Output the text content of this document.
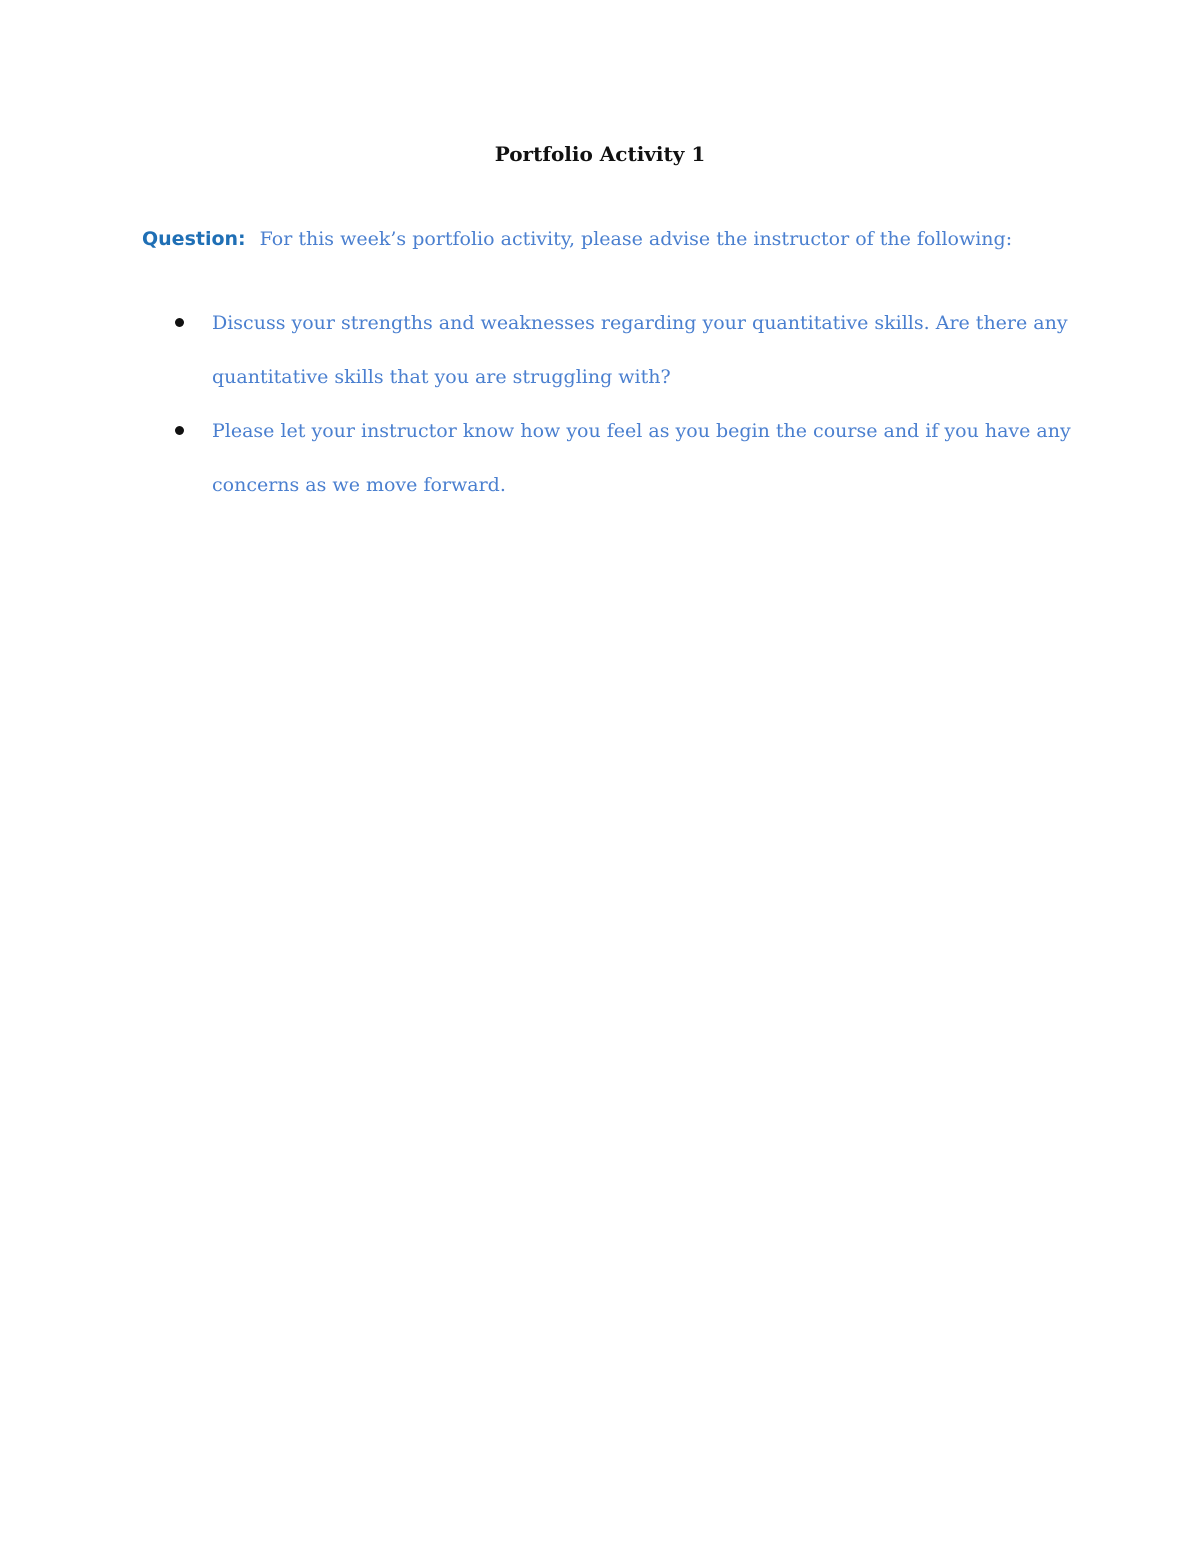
Portfolio Activity 1
Question: For this week’s portfolio activity, please advise the instructor of the following:
Discuss your strengths and weaknesses regarding your quantitative skills. Are there any quantitative skills that you are struggling with?
Please let your instructor know how you feel as you begin the course and if you have any concerns as we move forward.
